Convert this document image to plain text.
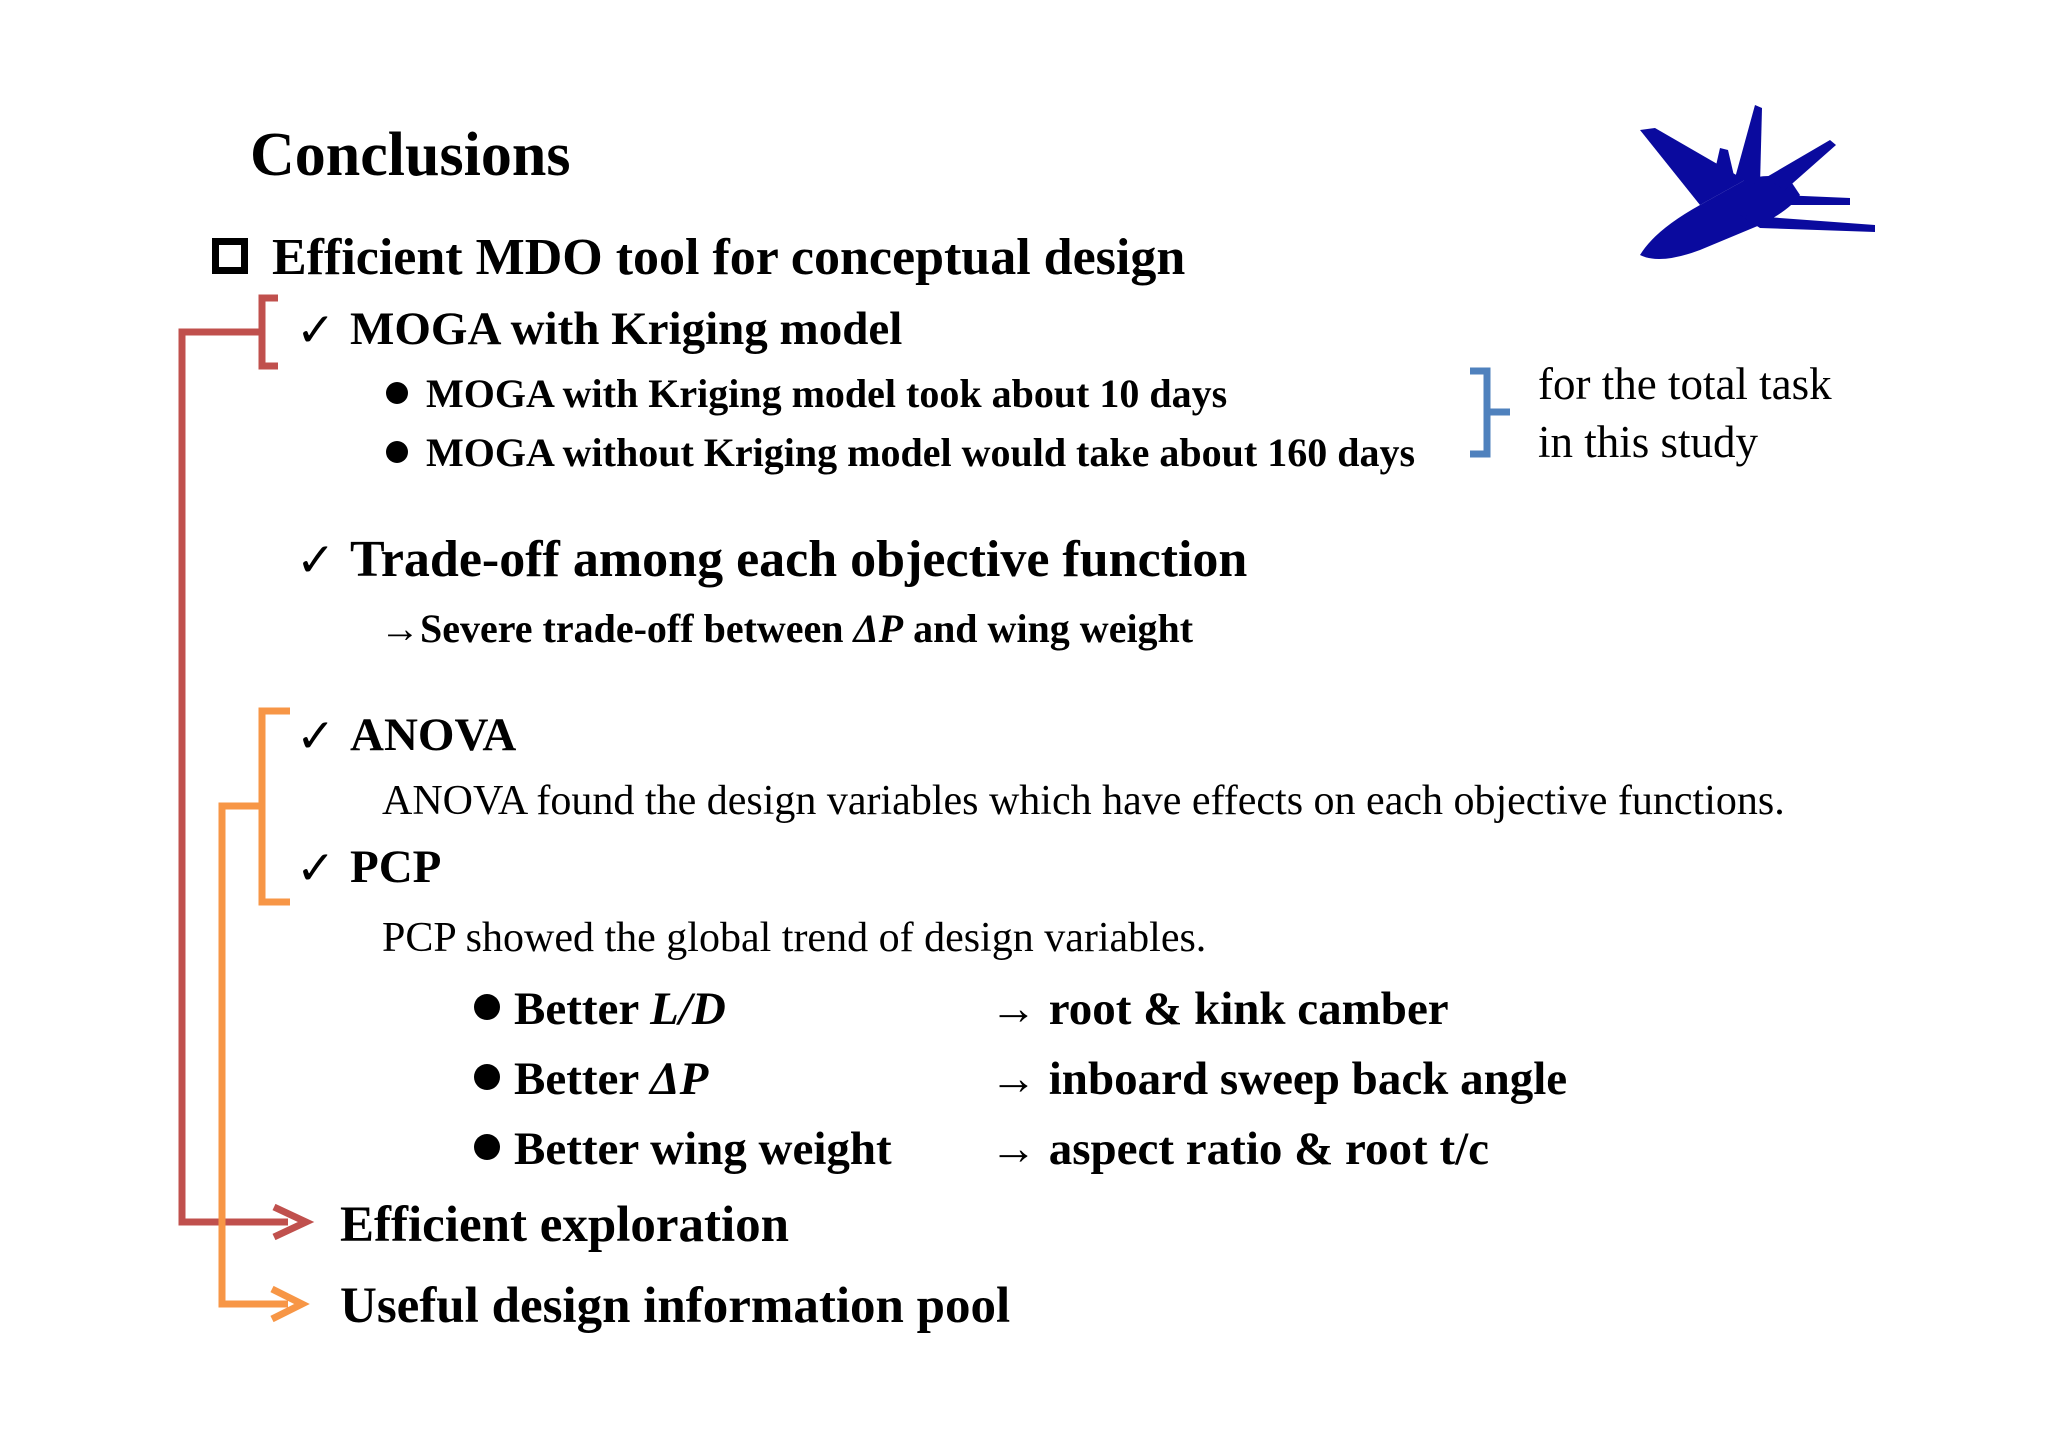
Conclusions
Efficient MDO tool for conceptual design
✓ MOGA with Kriging model
MOGA with Kriging model took about 10 days
MOGA without Kriging model would take about 160 days
for the total task
in this study
✓ Trade-off among each objective function
→Severe trade-off between ΔP and wing weight
✓ ANOVA
ANOVA found the design variables which have effects on each objective functions.
✓ PCP
PCP showed the global trend of design variables.
Better L/D	→ root & kink camber
Better ΔP	→ inboard sweep back angle
Better wing weight → aspect ratio & root t/c
Efficient exploration
Useful design information pool
